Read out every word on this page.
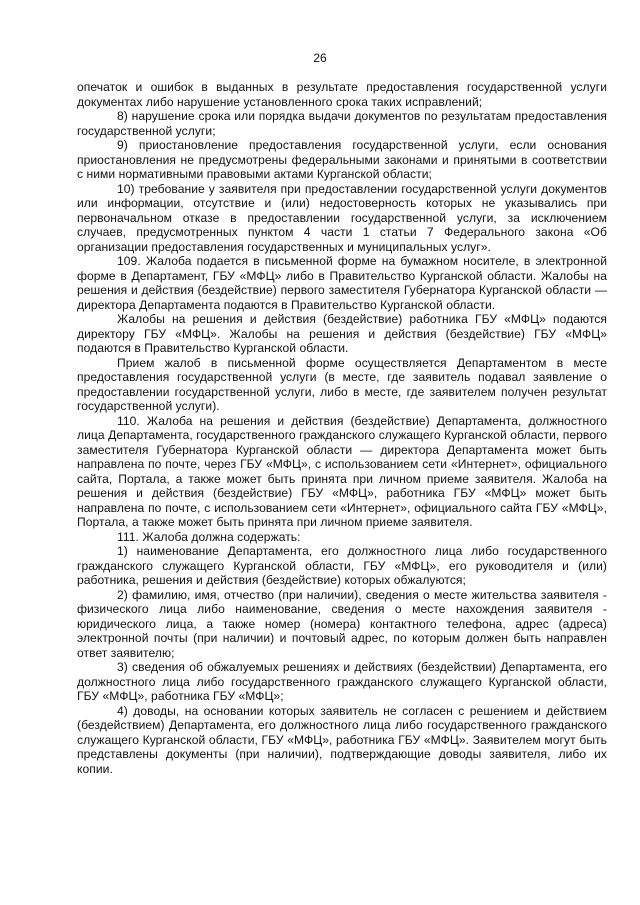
26

опечаток и ошибок в выданных в результате предоставления государственной услуги документах либо нарушение установленного срока таких исправлений;

8) нарушение срока или порядка выдачи документов по результатам предоставления государственной услуги;

9) приостановление предоставления государственной услуги, если основания приостановления не предусмотрены федеральными законами и принятыми в соответствии с ними нормативными правовыми актами Курганской области;

10) требование у заявителя при предоставлении государственной услуги документов или информации, отсутствие и (или) недостоверность которых не указывались при первоначальном отказе в предоставлении государственной услуги, за исключением случаев, предусмотренных пунктом 4 части 1 статьи 7 Федерального закона «Об организации предоставления государственных и муниципальных услуг».

109. Жалоба подается в письменной форме на бумажном носителе, в электронной форме в Департамент, ГБУ «МФЦ» либо в Правительство Курганской области. Жалобы на решения и действия (бездействие) первого заместителя Губернатора Курганской области — директора Департамента подаются в Правительство Курганской области.

Жалобы на решения и действия (бездействие) работника ГБУ «МФЦ» подаются директору ГБУ «МФЦ». Жалобы на решения и действия (бездействие) ГБУ «МФЦ» подаются в Правительство Курганской области.

Прием жалоб в письменной форме осуществляется Департаментом в месте предоставления государственной услуги (в месте, где заявитель подавал заявление о предоставлении государственной услуги, либо в месте, где заявителем получен результат государственной услуги).

110. Жалоба на решения и действия (бездействие) Департамента, должностного лица Департамента, государственного гражданского служащего Курганской области, первого заместителя Губернатора Курганской области — директора Департамента может быть направлена по почте, через ГБУ «МФЦ», с использованием сети «Интернет», официального сайта, Портала, а также может быть принята при личном приеме заявителя. Жалоба на решения и действия (бездействие) ГБУ «МФЦ», работника ГБУ «МФЦ» может быть направлена по почте, с использованием сети «Интернет», официального сайта ГБУ «МФЦ», Портала, а также может быть принята при личном приеме заявителя.

111. Жалоба должна содержать:

1) наименование Департамента, его должностного лица либо государственного гражданского служащего Курганской области, ГБУ «МФЦ», его руководителя и (или) работника, решения и действия (бездействие) которых обжалуются;

2) фамилию, имя, отчество (при наличии), сведения о месте жительства заявителя - физического лица либо наименование, сведения о месте нахождения заявителя - юридического лица, а также номер (номера) контактного телефона, адрес (адреса) электронной почты (при наличии) и почтовый адрес, по которым должен быть направлен ответ заявителю;

3) сведения об обжалуемых решениях и действиях (бездействии) Департамента, его должностного лица либо государственного гражданского служащего Курганской области, ГБУ «МФЦ», работника ГБУ «МФЦ»;

4) доводы, на основании которых заявитель не согласен с решением и действием (бездействием) Департамента, его должностного лица либо государственного гражданского служащего Курганской области, ГБУ «МФЦ», работника ГБУ «МФЦ». Заявителем могут быть представлены документы (при наличии), подтверждающие доводы заявителя, либо их копии.
